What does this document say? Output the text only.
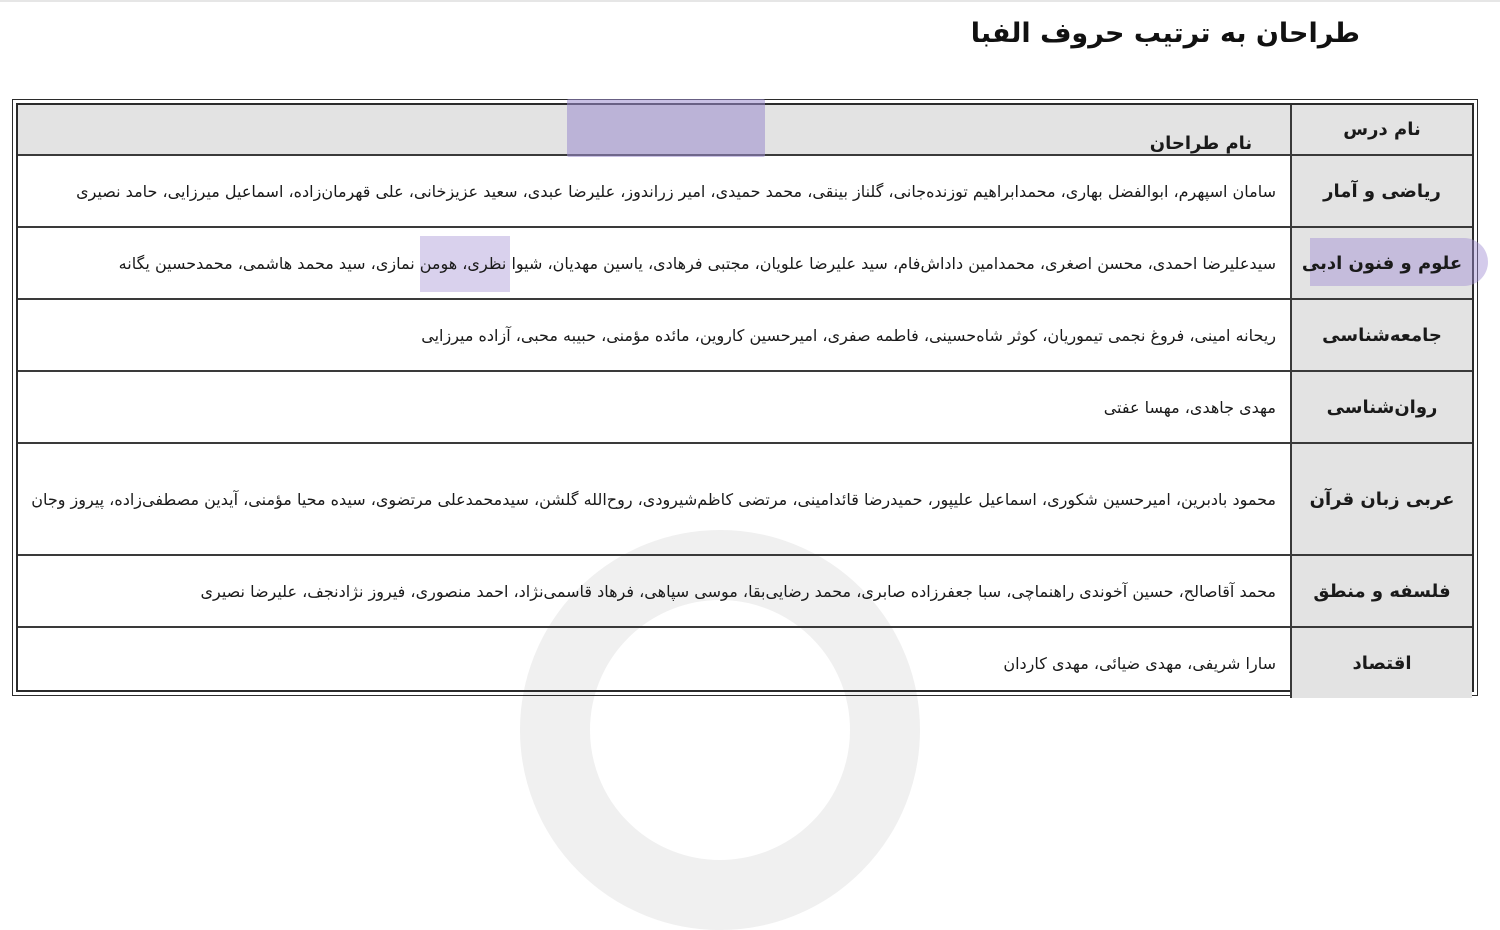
طراحان به ترتیب حروف الفبا
نام درس
نام طراحان
ریاضی و آمار
سامان اسپهرم، ابوالفضل بهاری، محمدابراهیم توزنده‌جانی، گلناز بینقی، محمد حمیدی، امیر زراندوز، علیرضا عبدی، سعید عزیزخانی، علی قهرمان‌زاده، اسماعیل میرزایی، حامد نصیری
علوم و فنون ادبی
سیدعلیرضا احمدی، محسن اصغری، محمدامین داداش‌فام، سید علیرضا علویان، مجتبی فرهادی، یاسین مهدیان، شیوا نظری، هومن نمازی، سید محمد هاشمی، محمدحسین یگانه
جامعه‌شناسی
ریحانه امینی، فروغ نجمی تیموریان، کوثر شاه‌حسینی، فاطمه صفری، امیرحسین کاروین، مائده مؤمنی، حبیبه محبی، آزاده میرزایی
روان‌شناسی
مهدی جاهدی، مهسا عفتی
عربی زبان قرآن
محمود بادبرین، امیرحسین شکوری، اسماعیل علیپور، حمیدرضا قائدامینی، مرتضی کاظم‌شیرودی، روح‌الله گلشن، سیدمحمدعلی مرتضوی، سیده محیا مؤمنی، آیدین مصطفی‌زاده، پیروز وجان
فلسفه و منطق
محمد آقاصالح، حسین آخوندی راهنماچی، سبا جعفرزاده صابری، محمد رضایی‌بقا، موسی سپاهی، فرهاد قاسمی‌نژاد، احمد منصوری، فیروز نژادنجف، علیرضا نصیری
اقتصاد
سارا شریفی، مهدی ضیائی، مهدی کاردان
